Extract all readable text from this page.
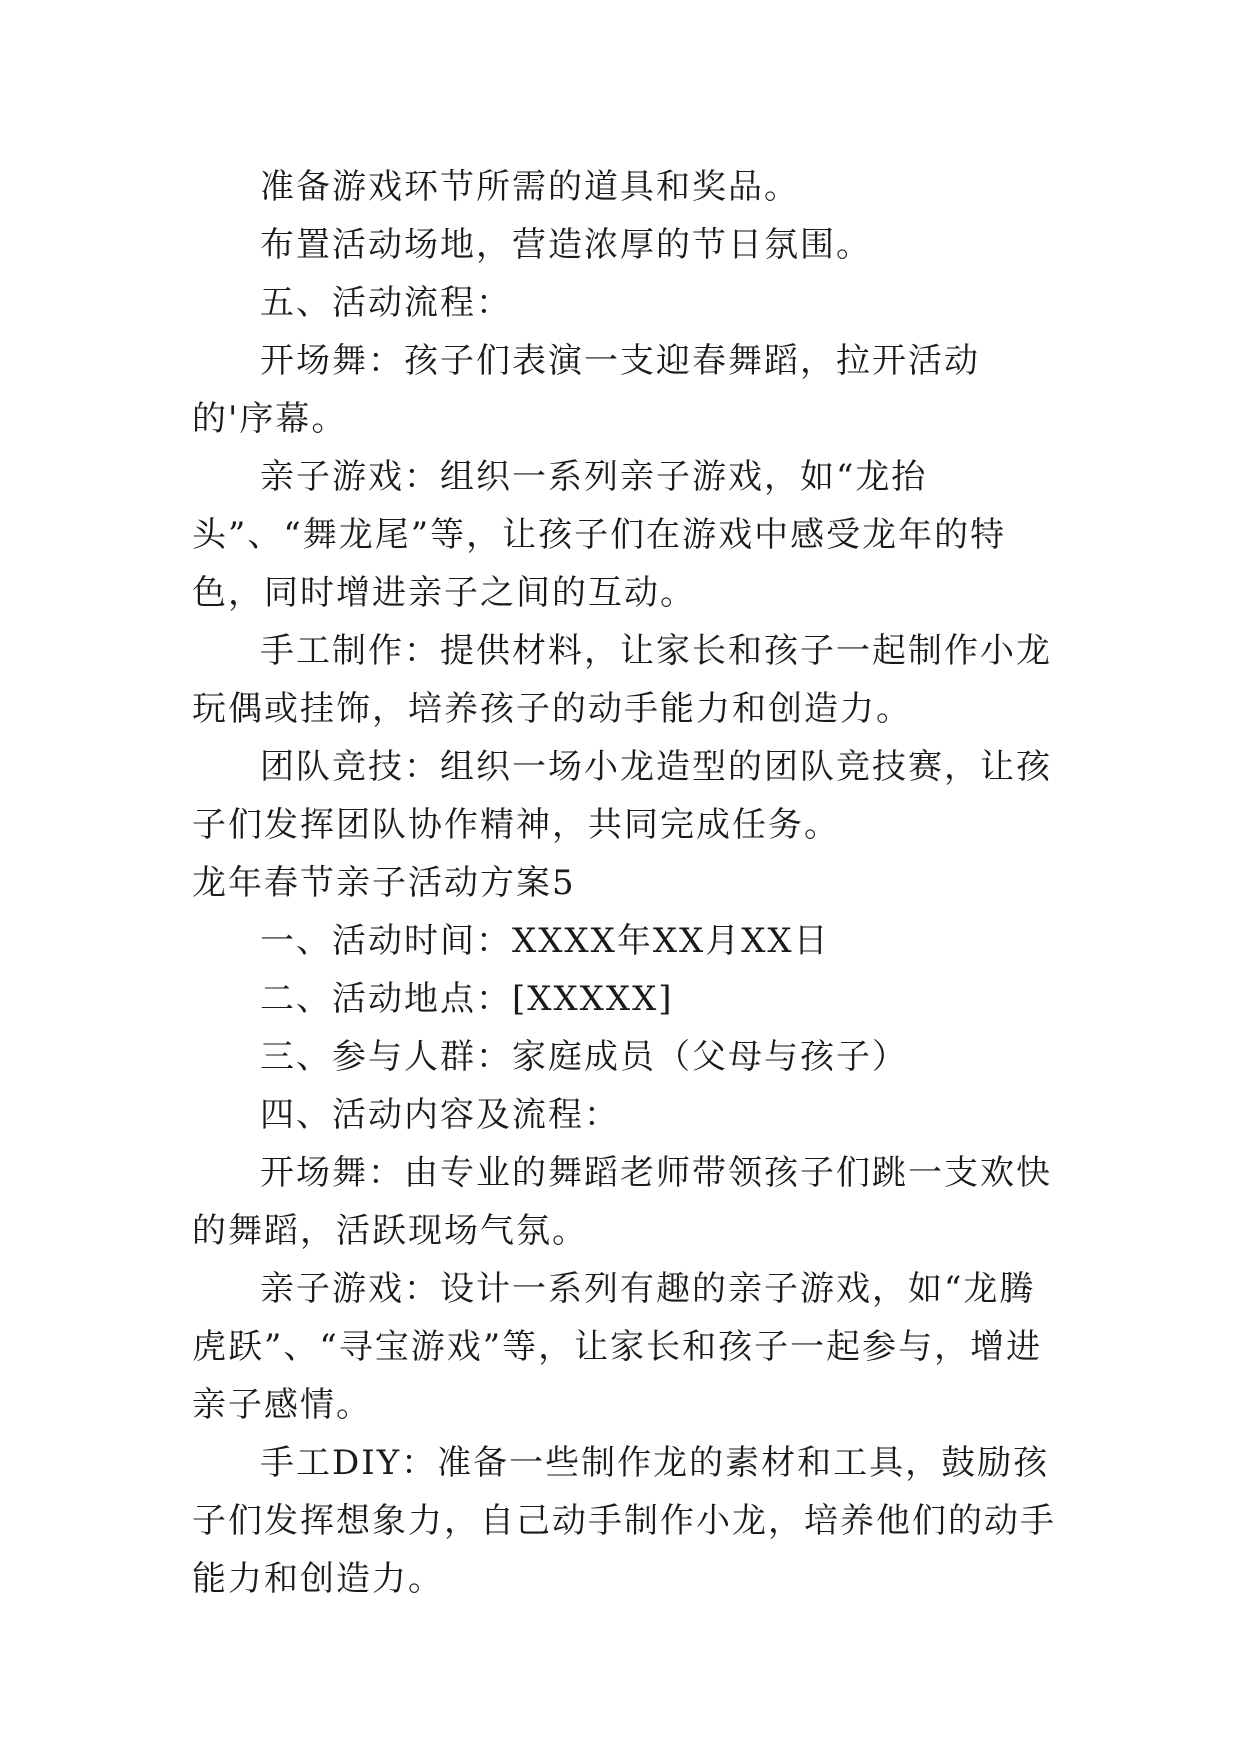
准备游戏环节所需的道具和奖品。

布置活动场地，营造浓厚的节日氛围。

五、活动流程：

开场舞：孩子们表演一支迎春舞蹈，拉开活动的'序幕。

亲子游戏：组织一系列亲子游戏，如“龙抬头”、“舞龙尾”等，让孩子们在游戏中感受龙年的特色，同时增进亲子之间的互动。

手工制作：提供材料，让家长和孩子一起制作小龙玩偶或挂饰，培养孩子的动手能力和创造力。

团队竞技：组织一场小龙造型的团队竞技赛，让孩子们发挥团队协作精神，共同完成任务。

龙年春节亲子活动方案5

一、活动时间：XXXX年XX月XX日

二、活动地点：[XXXXX]

三、参与人群：家庭成员（父母与孩子）

四、活动内容及流程：

开场舞：由专业的舞蹈老师带领孩子们跳一支欢快的舞蹈，活跃现场气氛。

亲子游戏：设计一系列有趣的亲子游戏，如“龙腾虎跃”、“寻宝游戏”等，让家长和孩子一起参与，增进亲子感情。

手工DIY：准备一些制作龙的素材和工具，鼓励孩子们发挥想象力，自己动手制作小龙，培养他们的动手能力和创造力。
